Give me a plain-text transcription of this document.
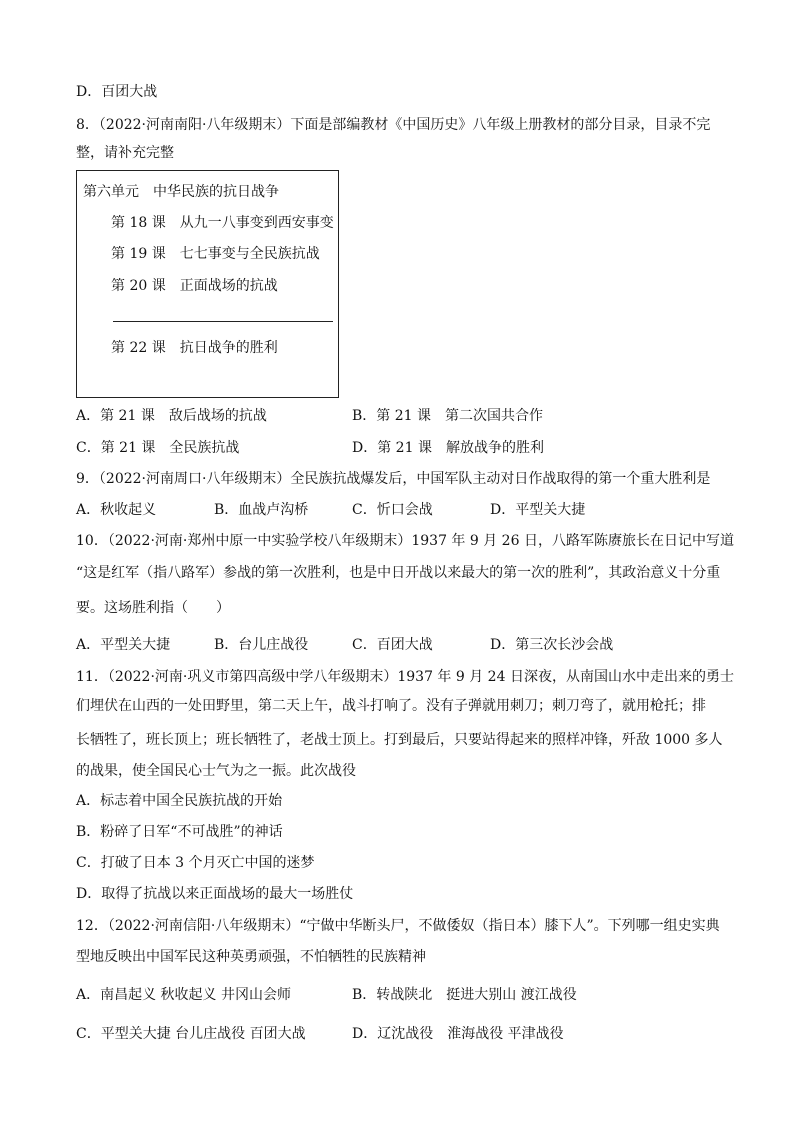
D．百团大战
8．（2022·河南南阳·八年级期末）下面是部编教材《中国历史》八年级上册教材的部分目录，目录不完
整，请补充完整
第六单元　中华民族的抗日战争
第 18 课　从九一八事变到西安事变
第 19 课　七七事变与全民族抗战
第 20 课　正面战场的抗战
第 22 课　抗日战争的胜利
A．第 21 课　敌后战场的抗战	B．第 21 课　第二次国共合作
C．第 21 课　全民族抗战	D．第 21 课　解放战争的胜利
9．（2022·河南周口·八年级期末）全民族抗战爆发后，中国军队主动对日作战取得的第一个重大胜利是
A．秋收起义	B．血战卢沟桥	C．忻口会战	D．平型关大捷
10．（2022·河南·郑州中原一中实验学校八年级期末）1937 年 9 月 26 日，八路军陈赓旅长在日记中写道
“这是红军（指八路军）参战的第一次胜利，也是中日开战以来最大的第一次的胜利”，其政治意义十分重
要。这场胜利指（　　）
A．平型关大捷	B．台儿庄战役	C．百团大战	D．第三次长沙会战
11．（2022·河南·巩义市第四高级中学八年级期末）1937 年 9 月 24 日深夜，从南国山水中走出来的勇士
们埋伏在山西的一处田野里，第二天上午，战斗打响了。没有子弹就用刺刀；刺刀弯了，就用枪托；排
长牺牲了，班长顶上；班长牺牲了，老战士顶上。打到最后，只要站得起来的照样冲锋，歼敌 1000 多人
的战果，使全国民心士气为之一振。此次战役
A．标志着中国全民族抗战的开始
B．粉碎了日军“不可战胜”的神话
C．打破了日本 3 个月灭亡中国的迷梦
D．取得了抗战以来正面战场的最大一场胜仗
12．（2022·河南信阳·八年级期末）“宁做中华断头尸，不做倭奴（指日本）膝下人”。下列哪一组史实典
型地反映出中国军民这种英勇顽强，不怕牺牲的民族精神
A．南昌起义 秋收起义 井冈山会师	B．转战陕北　挺进大别山 渡江战役
C．平型关大捷 台儿庄战役 百团大战	D．辽沈战役　淮海战役 平津战役
